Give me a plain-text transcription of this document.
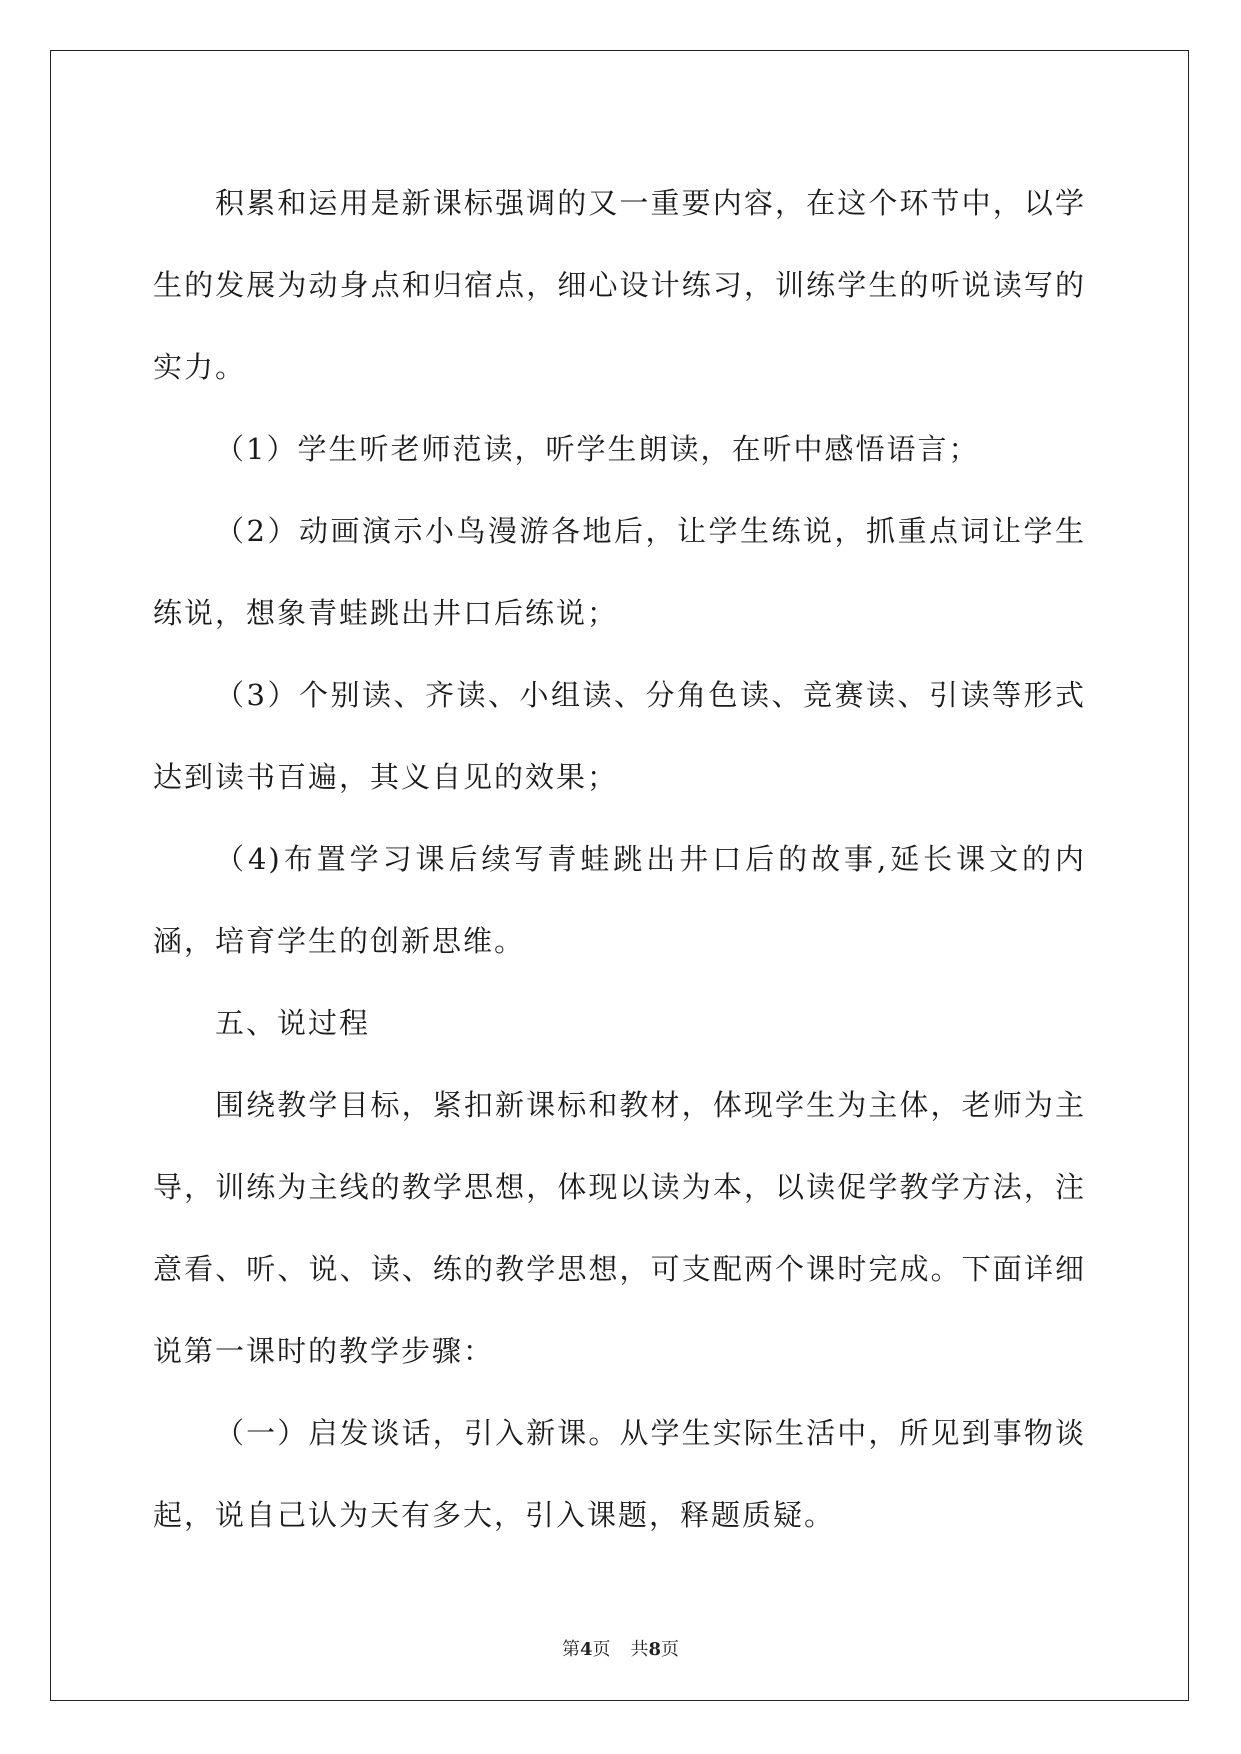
积累和运用是新课标强调的又一重要内容，在这个环节中，以学生的发展为动身点和归宿点，细心设计练习，训练学生的听说读写的实力。

（1）学生听老师范读，听学生朗读，在听中感悟语言；

（2）动画演示小鸟漫游各地后，让学生练说，抓重点词让学生练说，想象青蛙跳出井口后练说；

（3）个别读、齐读、小组读、分角色读、竞赛读、引读等形式达到读书百遍，其义自见的效果；

（4)布置学习课后续写青蛙跳出井口后的故事,延长课文的内涵，培育学生的创新思维。

五、说过程

围绕教学目标，紧扣新课标和教材，体现学生为主体，老师为主导，训练为主线的教学思想，体现以读为本，以读促学教学方法，注意看、听、说、读、练的教学思想，可支配两个课时完成。下面详细说第一课时的教学步骤：

（一）启发谈话，引入新课。从学生实际生活中，所见到事物谈起，说自己认为天有多大，引入课题，释题质疑。

第4页 共8页
